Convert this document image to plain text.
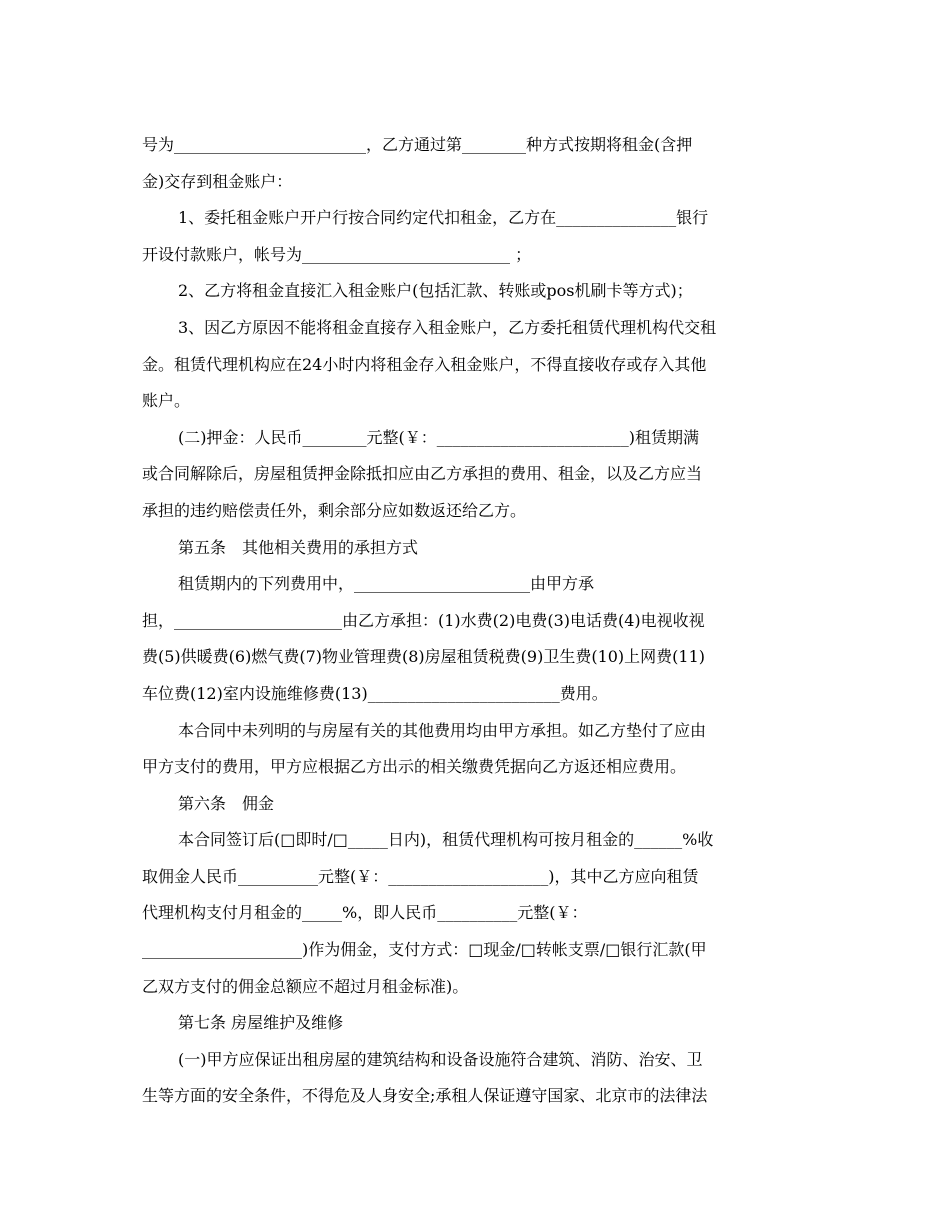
号为________________________，乙方通过第________种方式按期将租金(含押
金)交存到租金账户：
1、委托租金账户开户行按合同约定代扣租金，乙方在_______________银行
开设付款账户，帐号为__________________________ ；
2、乙方将租金直接汇入租金账户(包括汇款、转账或pos机刷卡等方式)；
3、因乙方原因不能将租金直接存入租金账户，乙方委托租赁代理机构代交租
金。租赁代理机构应在24小时内将租金存入租金账户，不得直接收存或存入其他
账户。
(二)押金：人民币________元整(￥：________________________)租赁期满
或合同解除后，房屋租赁押金除抵扣应由乙方承担的费用、租金，以及乙方应当
承担的违约赔偿责任外，剩余部分应如数返还给乙方。
第五条　其他相关费用的承担方式
租赁期内的下列费用中，______________________由甲方承
担，_____________________由乙方承担：(1)水费(2)电费(3)电话费(4)电视收视
费(5)供暖费(6)燃气费(7)物业管理费(8)房屋租赁税费(9)卫生费(10)上网费(11)
车位费(12)室内设施维修费(13)________________________费用。
本合同中未列明的与房屋有关的其他费用均由甲方承担。如乙方垫付了应由
甲方支付的费用，甲方应根据乙方出示的相关缴费凭据向乙方返还相应费用。
第六条　佣金
本合同签订后(□即时/□_____日内)，租赁代理机构可按月租金的______%收
取佣金人民币__________元整(￥：____________________)，其中乙方应向租赁
代理机构支付月租金的_____%，即人民币__________元整(￥：
____________________)作为佣金，支付方式：□现金/□转帐支票/□银行汇款(甲
乙双方支付的佣金总额应不超过月租金标准)。
第七条 房屋维护及维修
(一)甲方应保证出租房屋的建筑结构和设备设施符合建筑、消防、治安、卫
生等方面的安全条件，不得危及人身安全;承租人保证遵守国家、北京市的法律法
